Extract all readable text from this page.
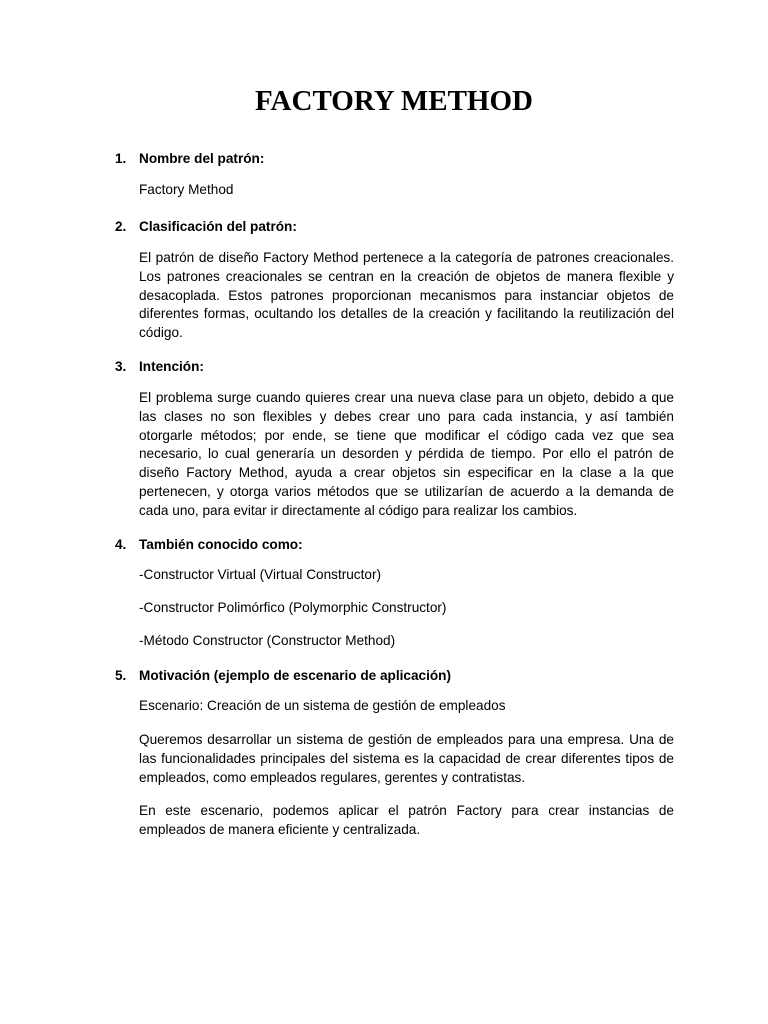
FACTORY METHOD
1. Nombre del patrón:

Factory Method

2. Clasificación del patrón:

El patrón de diseño Factory Method pertenece a la categoría de patrones creacionales. Los patrones creacionales se centran en la creación de objetos de manera flexible y desacoplada. Estos patrones proporcionan mecanismos para instanciar objetos de diferentes formas, ocultando los detalles de la creación y facilitando la reutilización del código.

3. Intención:

El problema surge cuando quieres crear una nueva clase para un objeto, debido a que las clases no son flexibles y debes crear uno para cada instancia, y así también otorgarle métodos; por ende, se tiene que modificar el código cada vez que sea necesario, lo cual generaría un desorden y pérdida de tiempo. Por ello el patrón de diseño Factory Method, ayuda a crear objetos sin especificar en la clase a la que pertenecen, y otorga varios métodos que se utilizarían de acuerdo a la demanda de cada uno, para evitar ir directamente al código para realizar los cambios.

4. También conocido como:

-Constructor Virtual (Virtual Constructor)

-Constructor Polimórfico (Polymorphic Constructor)

-Método Constructor (Constructor Method)

5. Motivación (ejemplo de escenario de aplicación)

Escenario: Creación de un sistema de gestión de empleados

Queremos desarrollar un sistema de gestión de empleados para una empresa. Una de las funcionalidades principales del sistema es la capacidad de crear diferentes tipos de empleados, como empleados regulares, gerentes y contratistas.

En este escenario, podemos aplicar el patrón Factory para crear instancias de empleados de manera eficiente y centralizada.
